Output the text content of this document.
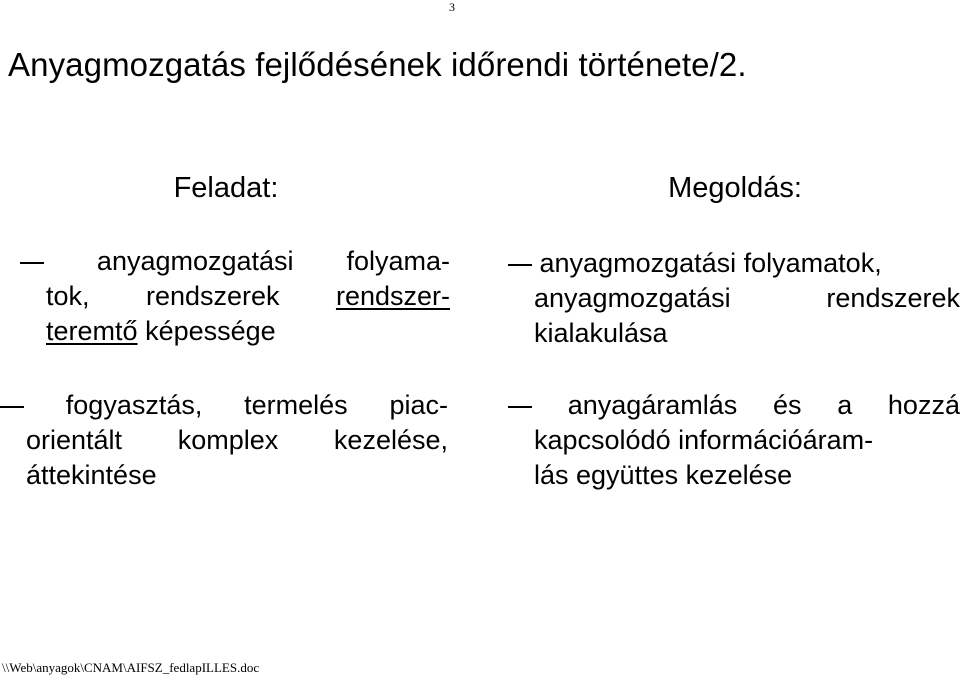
3
Anyagmozgatás fejlődésének időrendi története/2.
Feladat:
anyagmozgatási folyama-
tok, rendszerek rendszer-
teremtő képessége
fogyasztás, termelés piac-
orientált komplex kezelése,
áttekintése
Megoldás:
anyagmozgatási folyamatok,
anyagmozgatási	rendszerek
kialakulása
anyagáramlás és a hozzá
kapcsolódó információáram-
lás együttes kezelése
\\Web\anyagok\CNAM\AIFSZ_fedlapILLES.doc
